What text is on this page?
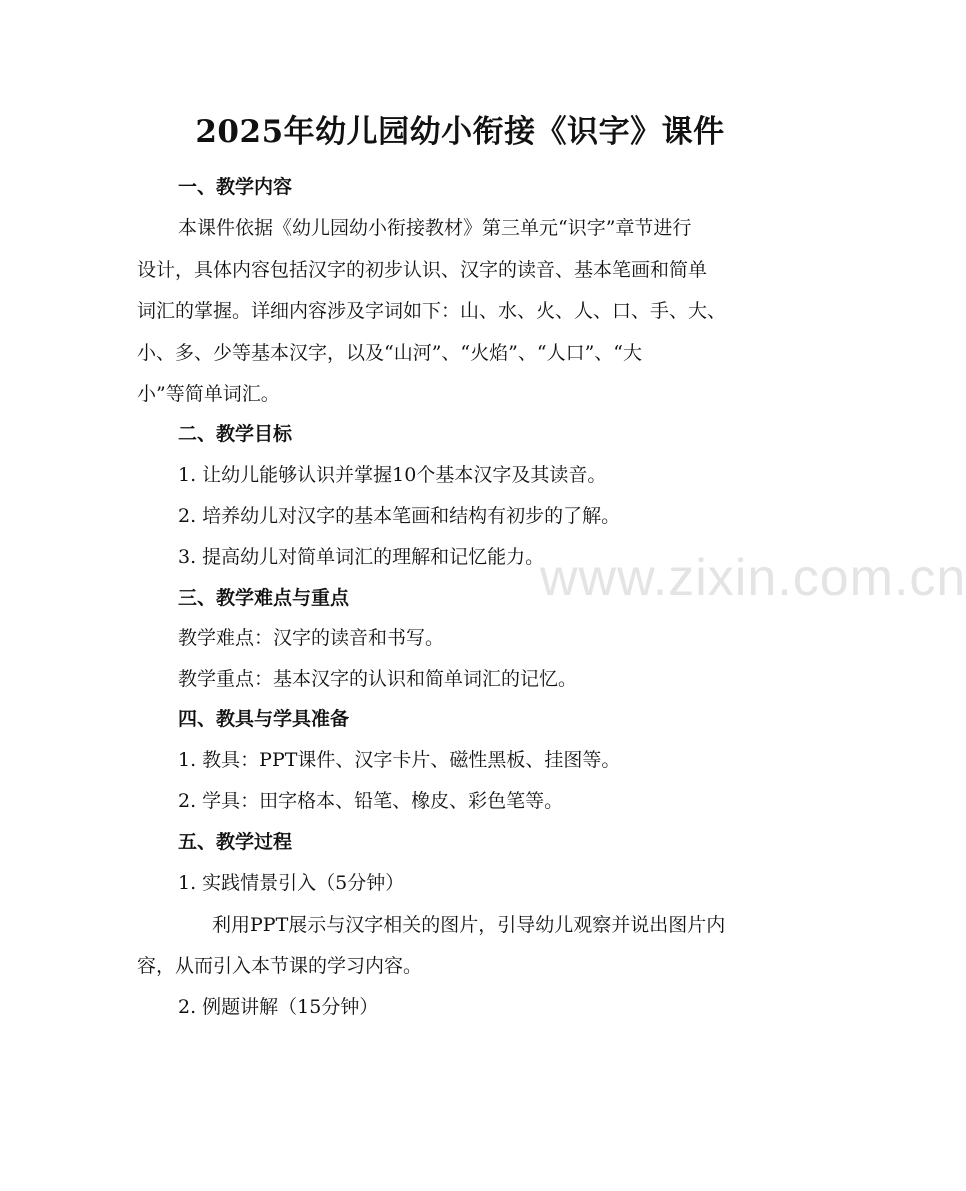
www.zixin.com.cn
2025年幼儿园幼小衔接《识字》课件
一、教学内容
本课件依据《幼儿园幼小衔接教材》第三单元“识字”章节进行
设计，具体内容包括汉字的初步认识、汉字的读音、基本笔画和简单
词汇的掌握。详细内容涉及字词如下：山、水、火、人、口、手、大、
小、多、少等基本汉字，以及“山河”、“火焰”、“人口”、“大
小”等简单词汇。
二、教学目标
1. 让幼儿能够认识并掌握10个基本汉字及其读音。
2. 培养幼儿对汉字的基本笔画和结构有初步的了解。
3. 提高幼儿对简单词汇的理解和记忆能力。
三、教学难点与重点
教学难点：汉字的读音和书写。
教学重点：基本汉字的认识和简单词汇的记忆。
四、教具与学具准备
1. 教具：PPT课件、汉字卡片、磁性黑板、挂图等。
2. 学具：田字格本、铅笔、橡皮、彩色笔等。
五、教学过程
1. 实践情景引入（5分钟）
利用PPT展示与汉字相关的图片，引导幼儿观察并说出图片内
容，从而引入本节课的学习内容。
2. 例题讲解（15分钟）
